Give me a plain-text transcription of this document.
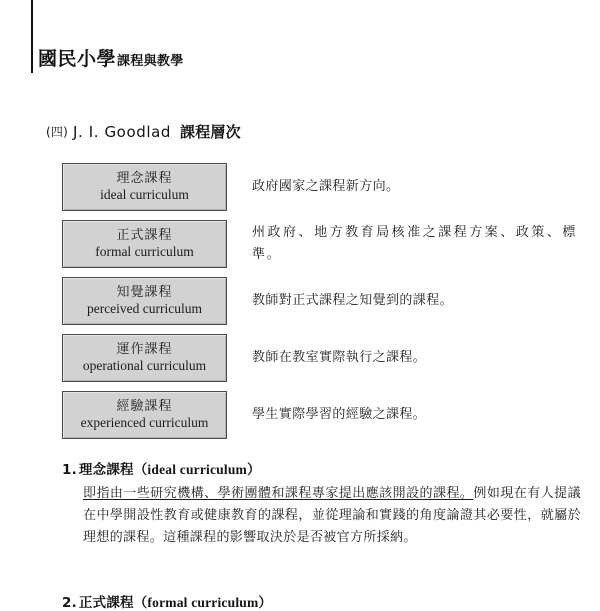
國民小學 課程與教學
(四) J. I. Goodlad 課程層次
理念課程
ideal curriculum
政府國家之課程新方向。
正式課程
formal curriculum
州政府、地方教育局核准之課程方案、政策、標準。
知覺課程
perceived curriculum
教師對正式課程之知覺到的課程。
運作課程
operational curriculum
教師在教室實際執行之課程。
經驗課程
experienced curriculum
學生實際學習的經驗之課程。
1. 理念課程（ideal curriculum）
即指由一些研究機構、學術團體和課程專家提出應該開設的課程。例如現在有人提議在中學開設性教育或健康教育的課程，並從理論和實踐的角度論證其必要性，就屬於理想的課程。這種課程的影響取決於是否被官方所採納。
2. 正式課程（formal curriculum）
